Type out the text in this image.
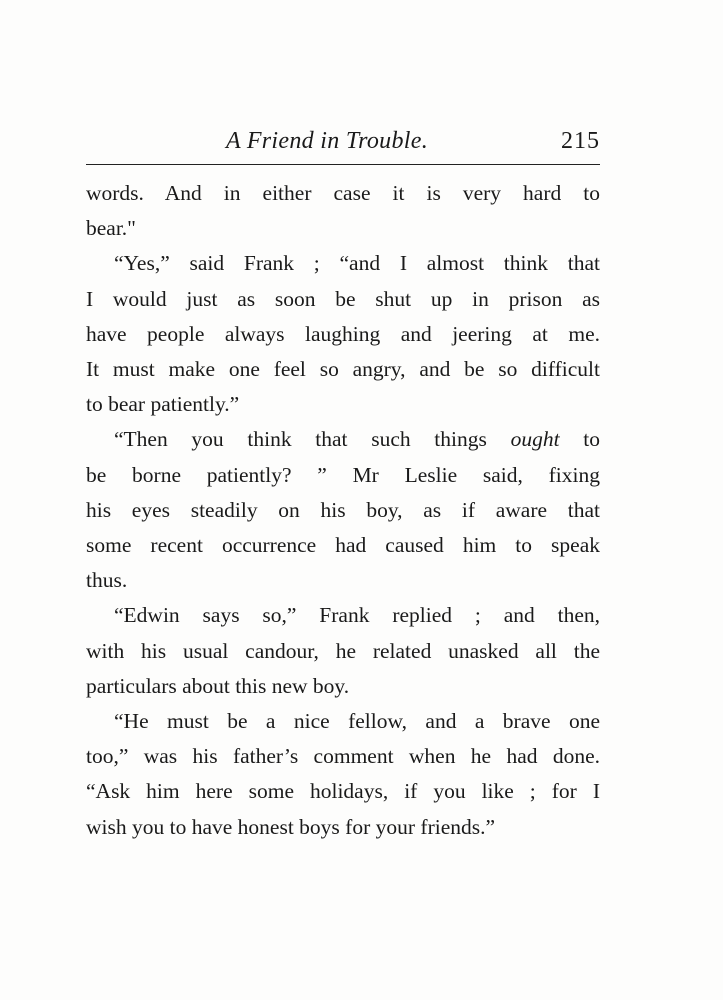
A Friend in Trouble.	215
words. And in either case it is very hard to
bear."
“Yes,” said Frank ; “and I almost think that
I would just as soon be shut up in prison as
have people always laughing and jeering at me.
It must make one feel so angry, and be so difficult
to bear patiently.”
“Then you think that such things ought to
be borne patiently? ” Mr Leslie said, fixing
his eyes steadily on his boy, as if aware that
some recent occurrence had caused him to speak
thus.
“Edwin says so,” Frank replied ; and then,
with his usual candour, he related unasked all the
particulars about this new boy.
“He must be a nice fellow, and a brave one
too,” was his father’s comment when he had done.
“Ask him here some holidays, if you like ; for I
wish you to have honest boys for your friends.”
